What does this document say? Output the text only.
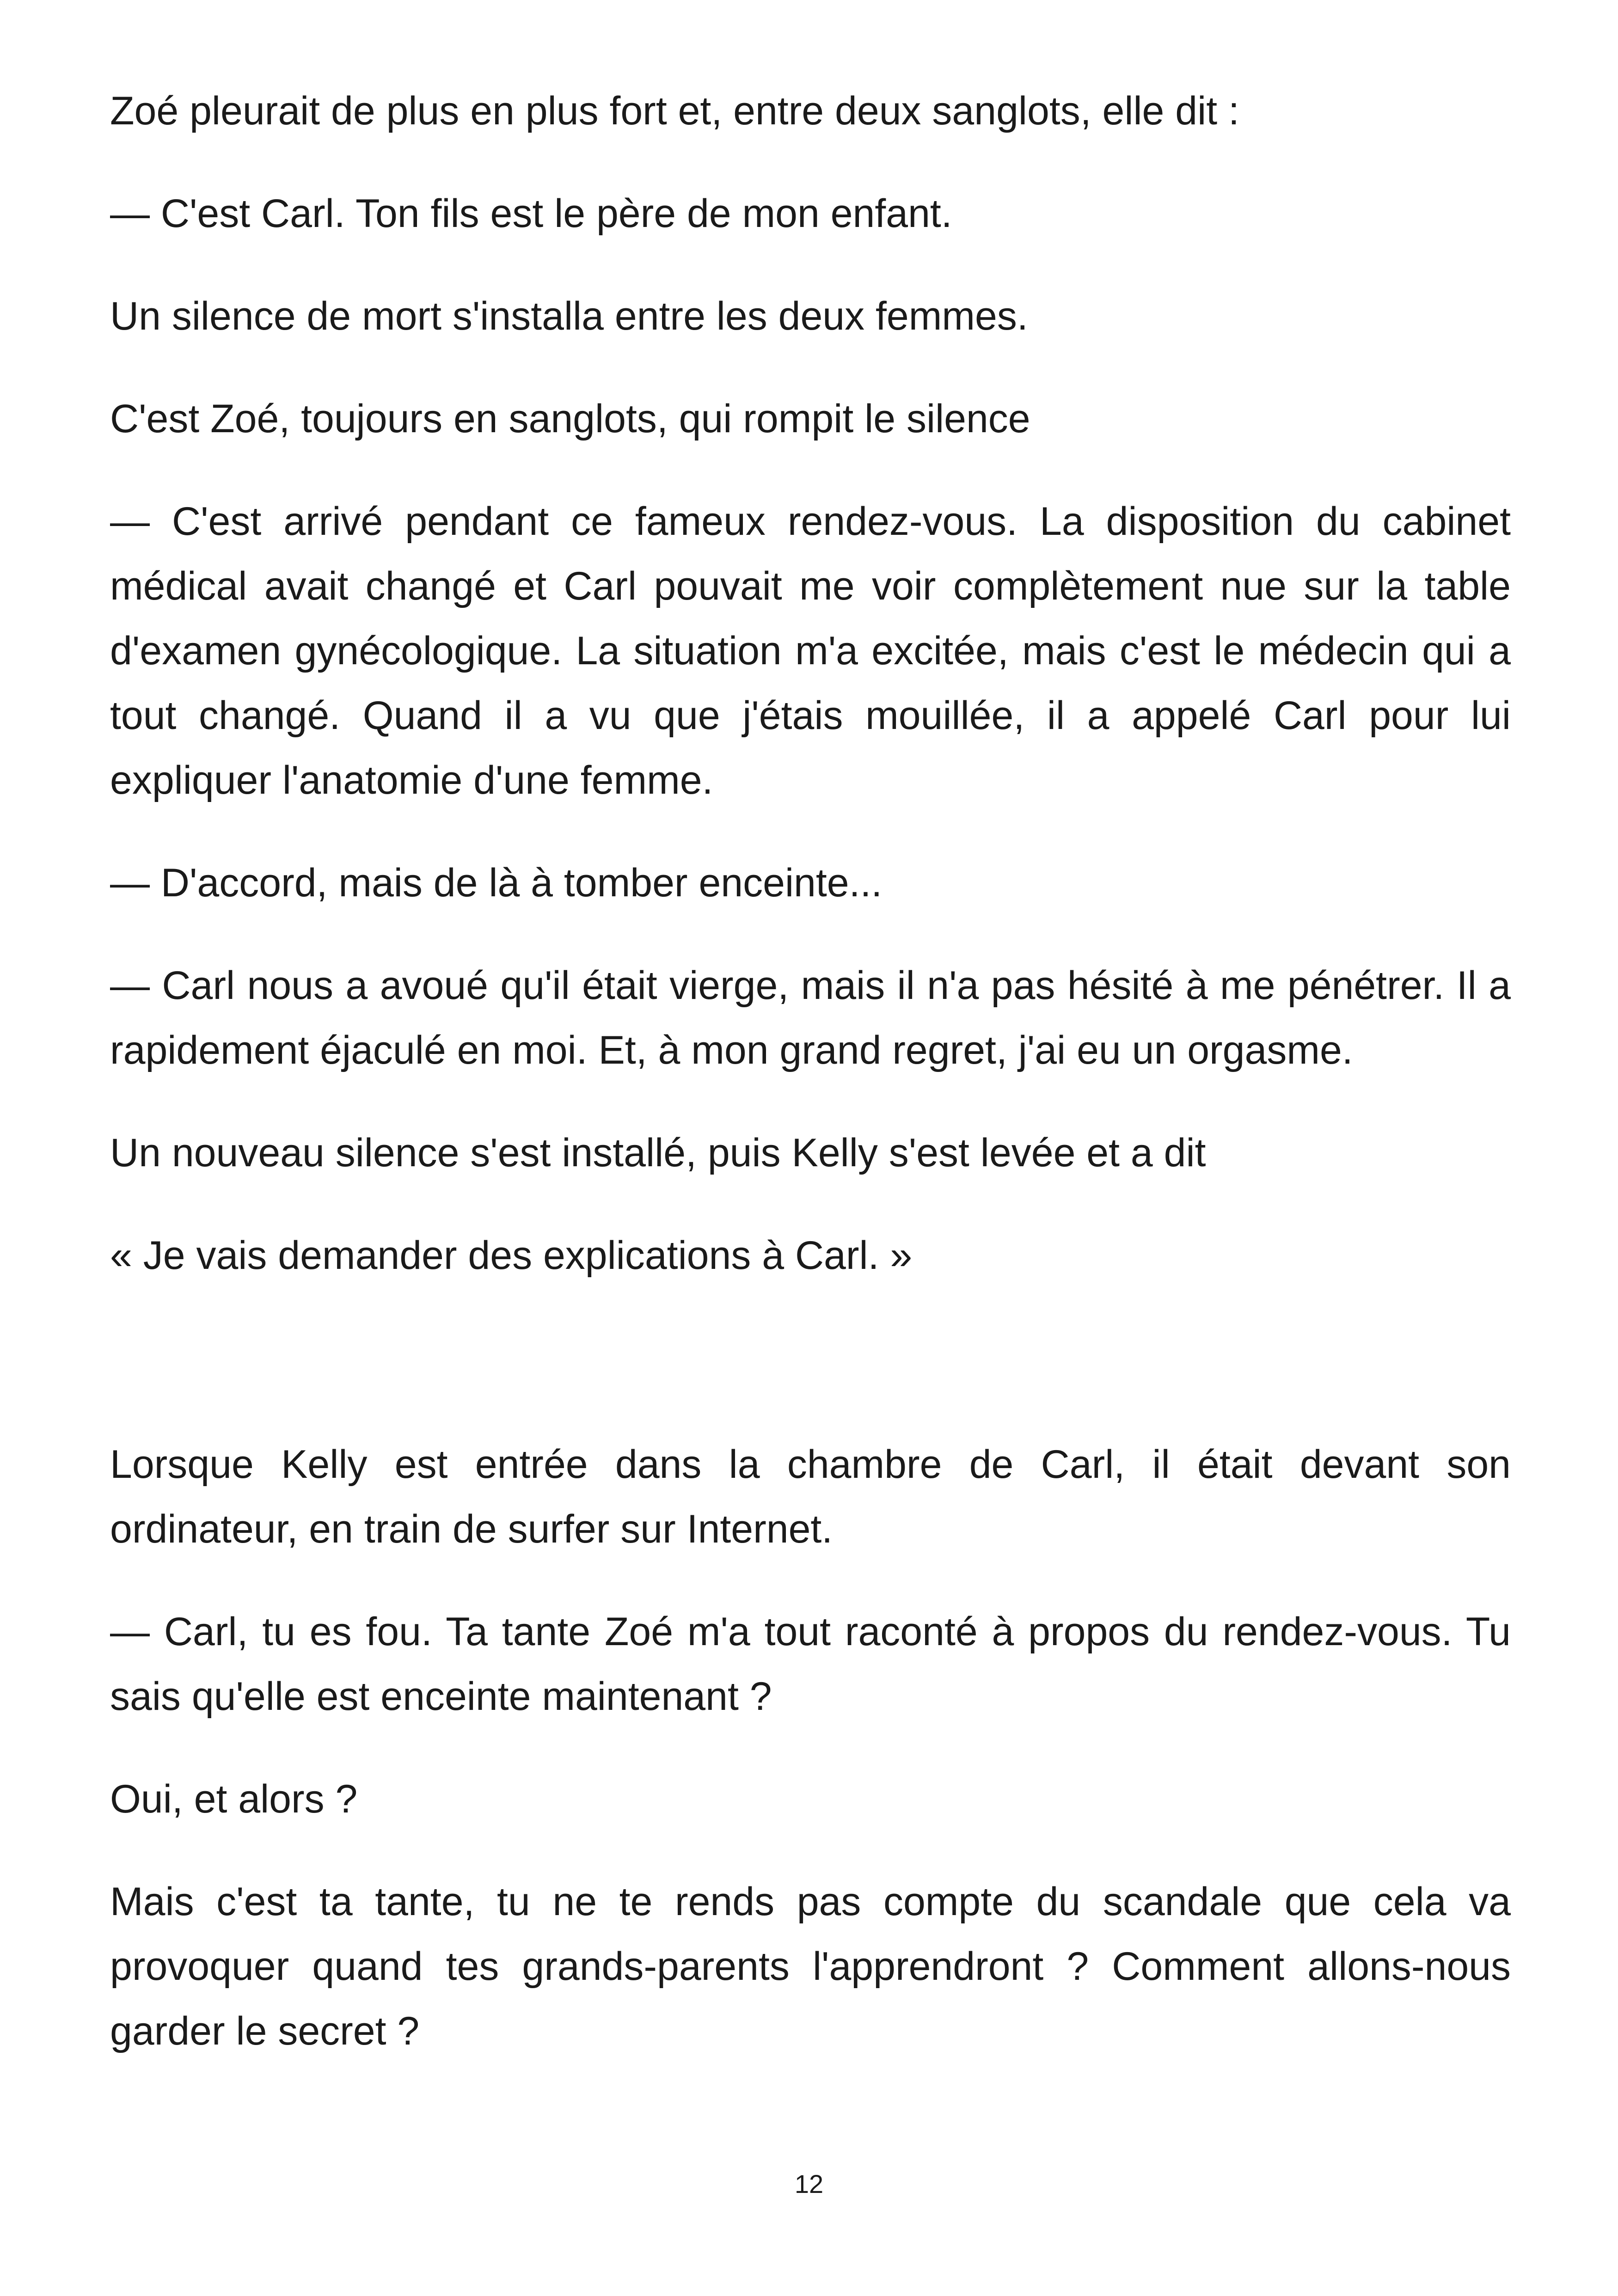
Zoé pleurait de plus en plus fort et, entre deux sanglots, elle dit :

— C'est Carl. Ton fils est le père de mon enfant.

Un silence de mort s'installa entre les deux femmes.

C'est Zoé, toujours en sanglots, qui rompit le silence

— C'est arrivé pendant ce fameux rendez-vous. La disposition du cabinet médical avait changé et Carl pouvait me voir complètement nue sur la table d'examen gynécologique. La situation m'a excitée, mais c'est le médecin qui a tout changé. Quand il a vu que j'étais mouillée, il a appelé Carl pour lui expliquer l'anatomie d'une femme.

— D'accord, mais de là à tomber enceinte...

— Carl nous a avoué qu'il était vierge, mais il n'a pas hésité à me pénétrer. Il a rapidement éjaculé en moi. Et, à mon grand regret, j'ai eu un orgasme.

Un nouveau silence s'est installé, puis Kelly s'est levée et a dit

« Je vais demander des explications à Carl. »

Lorsque Kelly est entrée dans la chambre de Carl, il était devant son ordinateur, en train de surfer sur Internet.

— Carl, tu es fou. Ta tante Zoé m'a tout raconté à propos du rendez-vous. Tu sais qu'elle est enceinte maintenant ?

Oui, et alors ?

Mais c'est ta tante, tu ne te rends pas compte du scandale que cela va provoquer quand tes grands-parents l'apprendront ? Comment allons-nous garder le secret ?

12
